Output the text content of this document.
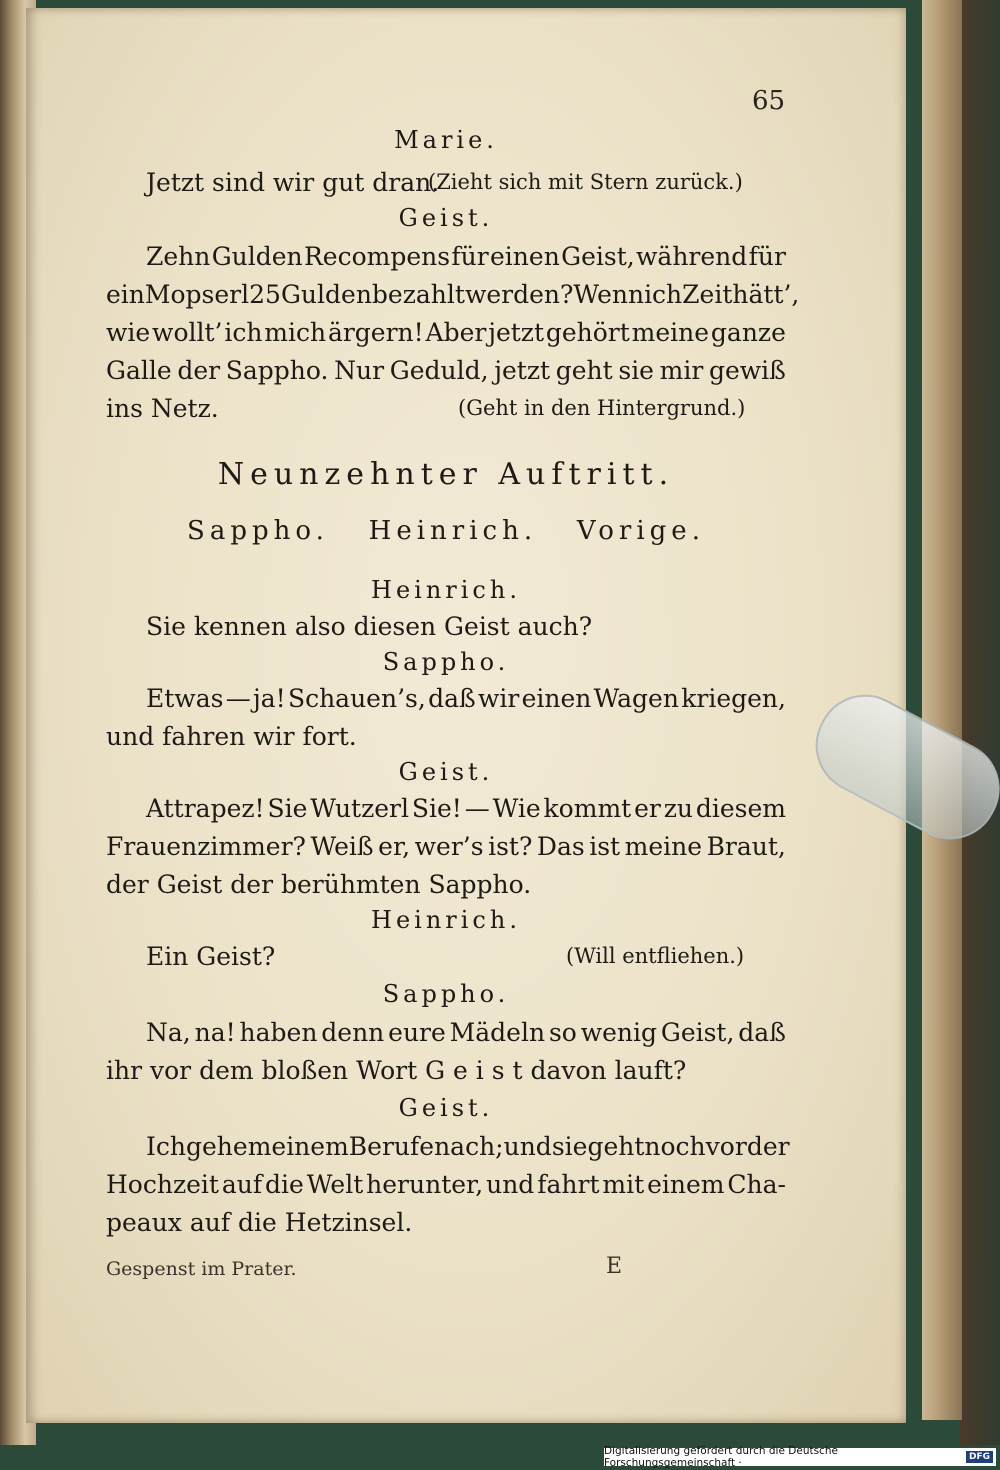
65
Marie.
Jetzt sind wir gut dran.
(Zieht sich mit Stern zurück.)
Geist.
Zehn Gulden Recompens für einen Geist, während für
ein Mopserl 25 Gulden bezahlt werden? Wenn ich Zeit hätt’,
wie wollt’ ich mich ärgern! Aber jetzt gehört meine ganze
Galle der Sappho. Nur Geduld, jetzt geht sie mir gewiß
ins Netz.	(Geht in den Hintergrund.)
Neunzehnter Auftritt.
Sappho. Heinrich. Vorige.
Heinrich.
Sie kennen also diesen Geist auch?
Sappho.
Etwas — ja! Schauen’s, daß wir einen Wagen kriegen,
und fahren wir fort.
Geist.
Attrapez! Sie Wutzerl Sie! — Wie kommt er zu diesem
Frauenzimmer? Weiß er, wer’s ist? Das ist meine Braut,
der Geist der berühmten Sappho.
Heinrich.
Ein Geist?	(Will entfliehen.)
Sappho.
Na, na! haben denn eure Mädeln so wenig Geist, daß
ihr vor dem bloßen Wort G e i s t davon lauft?
Geist.
Ich gehe meinem Berufe nach; und sie geht noch vor der
Hochzeit auf die Welt herunter, und fahrt mit einem Cha-
peaux auf die Hetzinsel.
Gespenst im Prater.	E
Digitalisierung gefördert durch die Deutsche Forschungsgemeinschaft ·	DFG
